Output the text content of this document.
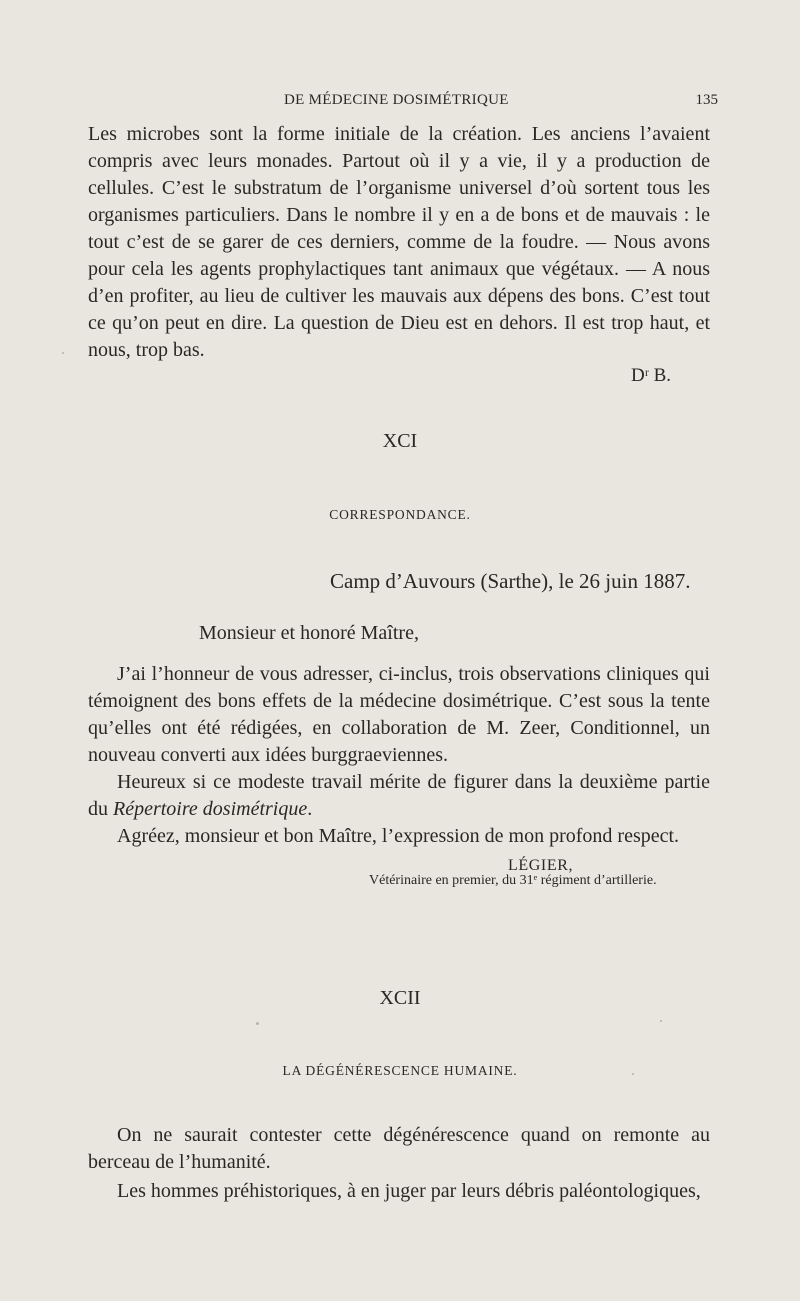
DE MÉDECINE DOSIMÉTRIQUE	135

Les microbes sont la forme initiale de la création. Les anciens l’avaient compris avec leurs monades. Partout où il y a vie, il y a production de cellules. C’est le substratum de l’organisme universel d’où sortent tous les organismes particuliers. Dans le nombre il y en a de bons et de mauvais : le tout c’est de se garer de ces derniers, comme de la foudre. — Nous avons pour cela les agents prophylactiques tant animaux que végétaux. — A nous d’en profiter, au lieu de cultiver les mauvais aux dépens des bons. C’est tout ce qu’on peut en dire. La question de Dieu est en dehors. Il est trop haut, et nous, trop bas.

Dʳ B.
XCI
CORRESPONDANCE.
Camp d’Auvours (Sarthe), le 26 juin 1887.
Monsieur et honoré Maître,

J’ai l’honneur de vous adresser, ci-inclus, trois observations cliniques qui témoignent des bons effets de la médecine dosimétrique. C’est sous la tente qu’elles ont été rédigées, en collaboration de M. Zeer, Conditionnel, un nouveau converti aux idées burggraeviennes.

Heureux si ce modeste travail mérite de figurer dans la deuxième partie du Répertoire dosimétrique.

Agréez, monsieur et bon Maître, l’expression de mon profond respect.
LÉGIER,
Vétérinaire en premier, du 31ᵉ régiment d’artillerie.
XCII
LA DÉGÉNÉRESCENCE HUMAINE.

On ne saurait contester cette dégénérescence quand on remonte au berceau de l’humanité.

Les hommes préhistoriques, à en juger par leurs débris paléontologiques,
